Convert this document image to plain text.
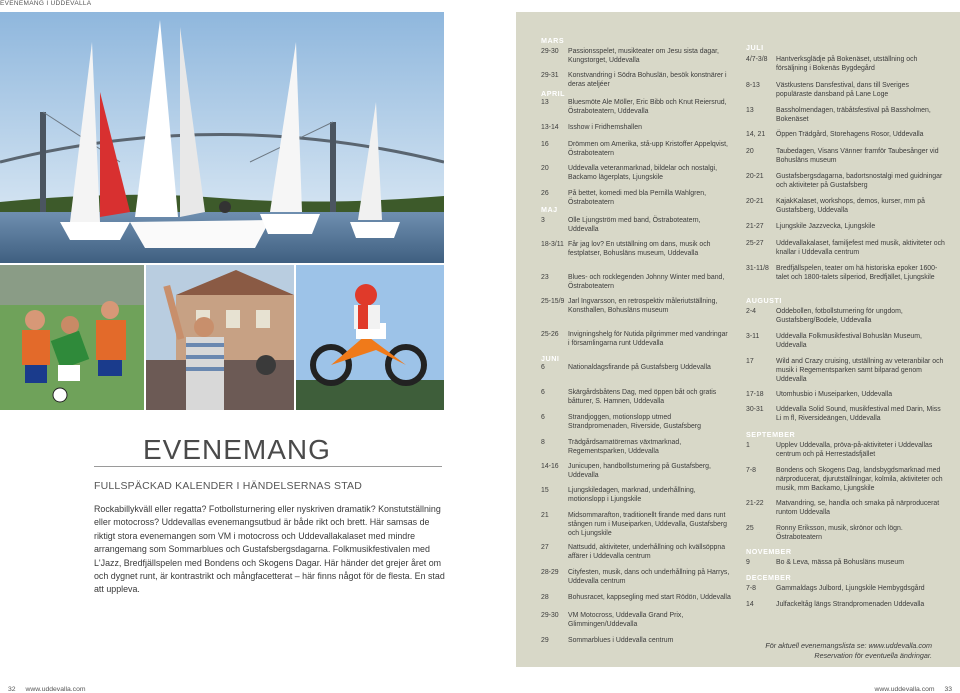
EVENEMANG I UDDEVALLA
EVENEMANG
FULLSPÄCKAD KALENDER I HÄNDELSERNAS STAD
Rockabillykväll eller regatta? Fotbollsturnering eller nyskriven dramatik? Konstutställning eller motocross? Uddevallas evenemangsutbud är både rikt och brett. Här samsas de riktigt stora evenemangen som VM i motocross och Uddevallakalaset med mindre arrangemang som Sommarblues och Gustafsbergsdagarna. Folkmusikfestivalen med L'Jazz, Bredfjällspelen med Bondens och Skogens Dagar. Här händer det grejer året om och dygnet runt, är kontrastrikt och mångfacetterat – här finns något för de flesta. En stad att uppleva.
MARS
29-30	Passionsspelet, musikteater om Jesu sista dagar, Kungstorget, Uddevalla
29-31	Konstvandring i Södra Bohuslän, besök konstnärer i deras ateljéer
APRIL
13	Bluesmöte Ale Möller, Eric Bibb och Knut Reiersrud, Östraboteatern, Uddevalla
13-14	Isshow i Fridhemshallen
16	Drömmen om Amerika, stå-upp Kristoffer Appelqvist, Östraboteatern
20	Uddevalla veteranmarknad, bildelar och nostalgi, Backamo lägerplats, Ljungskile
26	På bettet, komedi med bla Pernilla Wahlgren, Östraboteatern
MAJ
3	Olle Ljungström med band, Östraboteatern, Uddevalla
18-3/11 Får jag lov? En utställning om dans, musik och festplatser, Bohusläns museum, Uddevalla
23	Blues- och rocklegenden Johnny Winter med band, Östraboteatern
25-15/9 Jarl Ingvarsson, en retrospektiv måleriutställning, Konsthallen, Bohusläns museum
25-26	Invigningshelg för Nutida pilgrimmer med vandringar i församlingarna runt Uddevalla
JUNI
6	Nationaldagsfirande på Gustafsberg Uddevalla
6	Skärgårdsbåtens Dag, med öppen båt och gratis båtturer, S. Hamnen, Uddevalla
6	Strandjoggen, motionslopp utmed Strandpromenaden, Riverside, Gustafsberg
8	Trädgårdsamatörernas växtmarknad, Regementsparken, Uddevalla
14-16	Junicupen, handbollsturnering på Gustafsberg, Uddevalla
15	Ljungskiledagen, marknad, underhållning, motionslopp i Ljungskile
21	Midsommarafton, traditionellt firande med dans runt stången rum i Museiparken, Uddevalla, Gustafsberg och Ljungskile
27	Nattsudd, aktiviteter, underhållning och kvällsöppna affärer i Uddevalla centrum
28-29	Cityfesten, musik, dans och underhållning på Harrys, Uddevalla centrum
28	Bohusracet, kappsegling med start Rödön, Uddevalla
29-30	VM Motocross, Uddevalla Grand Prix, Glimmingen/Uddevalla
29	Sommarblues i Uddevalla centrum
JULI
4/7-3/8	Hantverksglädje på Bokenäset, utställning och försäljning i Bokenäs Bygdegård
8-13	Västkustens Dansfestival, dans till Sveriges populäraste dansband på Lane Loge
13	Bassholmendagen, träbåtsfestival på Bassholmen, Bokenäset
14, 21	Öppen Trädgård, Storehagens Rosor, Uddevalla
20	Taubedagen, Visans Vänner framför Taubesånger vid Bohusläns museum
20-21	Gustafsbergsdagarna, badortsnostalgi med guidningar och aktiviteter på Gustafsberg
20-21	KajakKalaset, workshops, demos, kurser, mm på Gustafsberg, Uddevalla
21-27	Ljungskile Jazzvecka, Ljungskile
25-27	Uddevallakalaset, familjefest med musik, aktiviteter och knallar i Uddevalla centrum
31-11/8	Bredfjällspelen, teater om hä historiska epoker 1600-talet och 1800-talets silperiod, Bredfjället, Ljungskile
AUGUSTI
2-4	Oddebollen, fotbollsturnering för ungdom, Gustafsberg/Bodele, Uddevalla
3-11	Uddevalla Folkmusikfestival Bohuslän Museum, Uddevalla
17	Wild and Crazy cruising, utställning av veteranbilar och musik i Regementsparken samt bilparad genom Uddevalla
17-18	Utomhusbio i Museiparken, Uddevalla
30-31	Uddevalla Solid Sound, musikfestival med Darin, Miss Li m fl, Riversideängen, Uddevalla
SEPTEMBER
1	Upplev Uddevalla, pröva-på-aktiviteter i Uddevallas centrum och på Herrestadsfjället
7-8	Bondens och Skogens Dag, landsbygdsmarknad med närproducerat, djurutställningar, kolmila, aktiviteter och musik, mm Backamo, Ljungskile
21-22	Matvandring, se, handla och smaka på närproducerat runtom Uddevalla
25	Ronny Eriksson, musik, skrönor och lögn. Östraboteatern
NOVEMBER
9	Bo & Leva, mässa på Bohusläns museum
DECEMBER
7-8	Gammaldags Julbord, Ljungskile Hembygdsgård
14	Julfackeltåg längs Strandpromenaden Uddevalla
För aktuell evenemangslista se: www.uddevalla.com
Reservation för eventuella ändringar.
32 www.uddevalla.com	www.uddevalla.com 33
